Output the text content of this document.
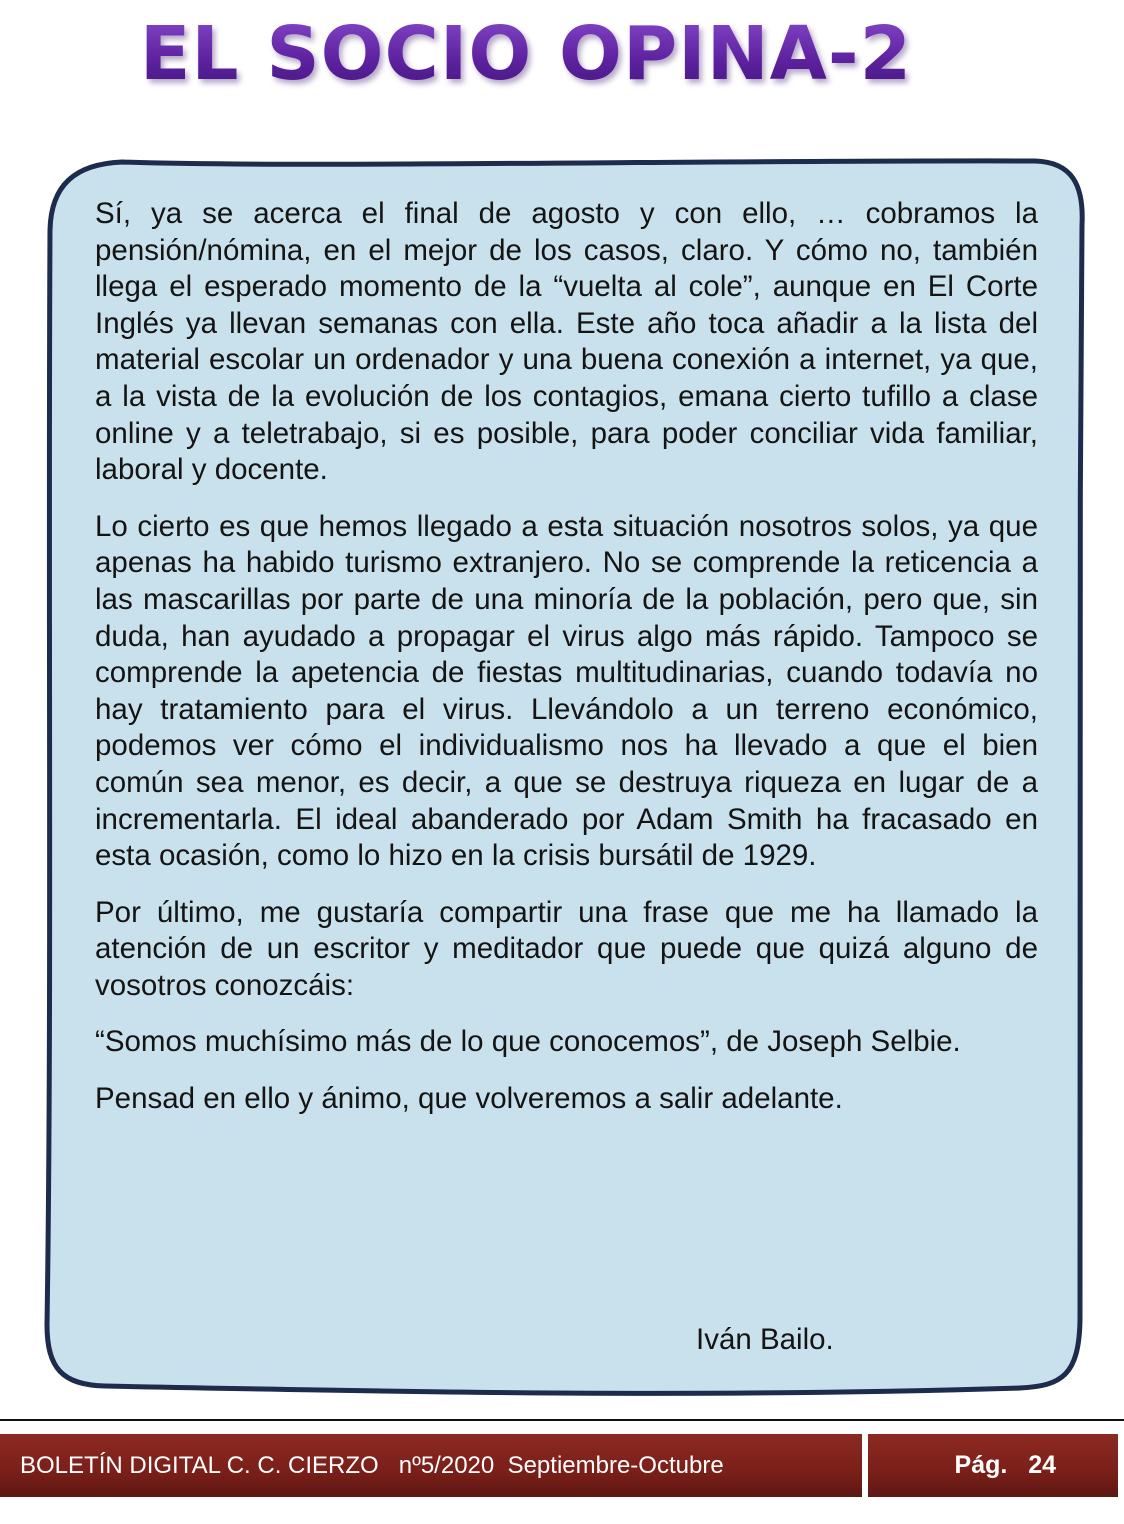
EL SOCIO OPINA-2

Sí, ya se acerca el final de agosto y con ello, … cobramos la pensión/nómina, en el mejor de los casos, claro. Y cómo no, también llega el esperado momento de la “vuelta al cole”, aunque en El Corte Inglés ya llevan semanas con ella. Este año toca añadir a la lista del material escolar un ordenador y una buena conexión a internet, ya que, a la vista de la evolución de los contagios, emana cierto tufillo a clase online y a teletrabajo, si es posible, para poder conciliar vida familiar, laboral y docente.

Lo cierto es que hemos llegado a esta situación nosotros solos, ya que apenas ha habido turismo extranjero. No se comprende la reticencia a las mascarillas por parte de una minoría de la población, pero que, sin duda, han ayudado a propagar el virus algo más rápido. Tampoco se comprende la apetencia de fiestas multitudinarias, cuando todavía no hay tratamiento para el virus. Llevándolo a un terreno económico, podemos ver cómo el individualismo nos ha llevado a que el bien común sea menor, es decir, a que se destruya riqueza en lugar de a incrementarla. El ideal abanderado por Adam Smith ha fracasado en esta ocasión, como lo hizo en la crisis bursátil de 1929.

Por último, me gustaría compartir una frase que me ha llamado la atención de un escritor y meditador que puede que quizá alguno de vosotros conozcáis:

“Somos muchísimo más de lo que conocemos”, de Joseph Selbie.

Pensad en ello y ánimo, que volveremos a salir adelante.

Iván Bailo.

BOLETÍN DIGITAL C. C. CIERZO   nº5/2020  Septiembre-Octubre	Pág.
24
